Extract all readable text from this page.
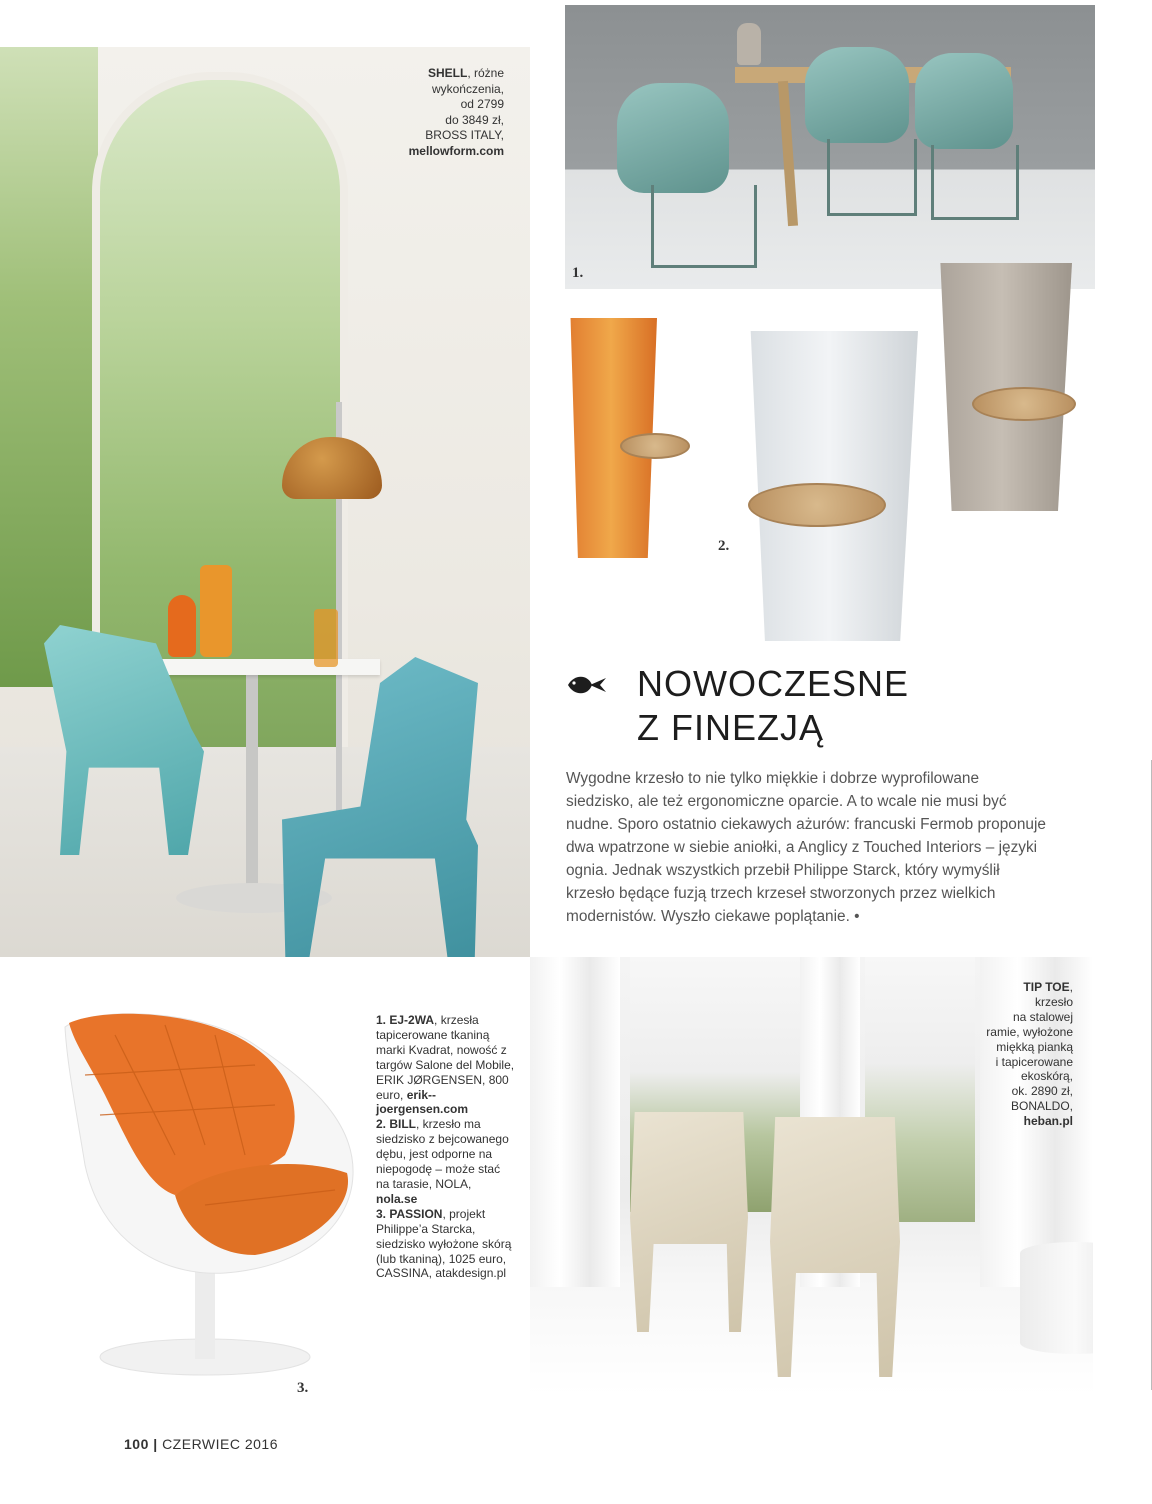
SHELL, różne
wykończenia,
od 2799
do 3849 zł,
BROSS ITALY,
mellowform.com
1.
2.
NOWOCZESNE
Z FINEZJĄ

Wygodne krzesło to nie tylko miękkie i dobrze wyprofilowane siedzisko, ale też ergonomiczne oparcie. A to wcale nie musi być nudne. Sporo ostatnio ciekawych ażurów: francuski Fermob proponuje dwa wpatrzone w siebie aniołki, a Anglicy z Touched Interiors – języki ognia. Jednak wszystkich przebił Philippe Starck, który wymyślił krzesło będące fuzją trzech krzeseł stworzonych przez wielkich modernistów. Wyszło ciekawe poplątanie. •

3.
1. EJ-2WA, krzesła tapicerowane tkaniną marki Kvadrat, nowość z targów Salone del Mobile, ERIK JØRGENSEN, 800 euro, erik--joergensen.com
2. BILL, krzesło ma siedzisko z bejcowanego dębu, jest odporne na niepogodę – może stać na tarasie, NOLA, nola.se
3. PASSION, projekt Philippe’a Starcka, siedzisko wyłożone skórą (lub tkaniną), 1025 euro, CASSINA, atakdesign.pl
TIP TOE,
krzesło
na stalowej
ramie, wyłożone
miękką pianką
i tapicerowane
ekoskórą,
ok. 2890 zł,
BONALDO,
heban.pl
100 | CZERWIEC 2016
